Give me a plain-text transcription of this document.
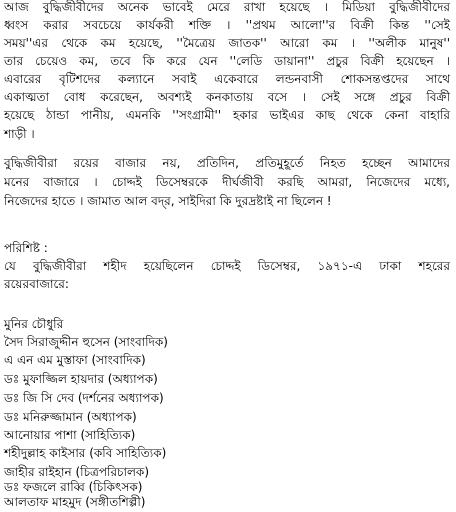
আজ বুদ্ধিজীবীদের অনেক ভাবেই মেরে রাখা হয়েছে । মিডিয়া বুদ্ধিজীবীদের
ধ্বংস করার সবচেয়ে কার্যকরী শক্তি । ''প্রথম আলো''র বিক্রী কিন্ত ''সেই
সময়''এর থেকে কম হয়েছে, ''মৈত্রেয় জাতক'' আরো কম । ''অলীক মানুষ''
তার চেয়েও কম, তবে কি করে যেন ''লেডি ডায়ানা'' প্রচুর বিক্রী হয়েছেন ।
এবারের বৃটিশদের কল্যানে সবাই একেবারে লন্ডনবাসী শোকসন্তপ্তদের সাথে
একাত্মতা বোধ করেছেন, অবশ্যই কনকাতায় বসে । সেই সঙ্গে প্রচুর বিক্রী
হয়েছে ঠান্ডা পানীয়, এমনকি ''সংগ্রামী'' হকার ভাইএর কাছ থেকে কেনা বাহারি
শাড়ী ।
বুদ্ধিজীবীরা রয়ের বাজার নয়, প্রতিদিন, প্রতিমুহূর্তে নিহত হচ্ছেন আমাদের
মনের বাজারে । চোদ্দই ডিসেম্বরকে দীর্ঘজীবী করছি আমরা, নিজেদের মধ্যে,
নিজেদের হাতে । জামাত আল বদ্‌র, সাইদিরা কি দুরদ্রষ্টাই না ছিলেন !
পরিশিষ্ট :
যে বুদ্ধিজীবীরা শহীদ হয়েছিলেন চোদ্দই ডিসেম্বর, ১৯৭১-এ ঢাকা শহরের
রয়েরবাজারে:
মুনির চৌধুরি
সৈদ সিরাজুদ্দীন হুসেন (সাংবাদিক)
এ এন এম মুস্তাফা (সাংবাদিক)
ডঃ মুফাজ্জিল হায়দার (অধ্যাপক)
ডঃ জি সি দেব (দর্শনের অধ্যাপক)
ডঃ মনিরুজ্জামান (অধ্যাপক)
আনোয়ার পাশা (সাহিত্যিক)
শহীদুল্লাহ কাইসার (কবি সাহিত্যিক)
জাহীর রাইহান (চিত্রপরিচালক)
ডঃ ফজলে রাব্বি (চিকিৎসক)
আলতাফ মাহমুদ (সঙ্গীতশিল্পী)
